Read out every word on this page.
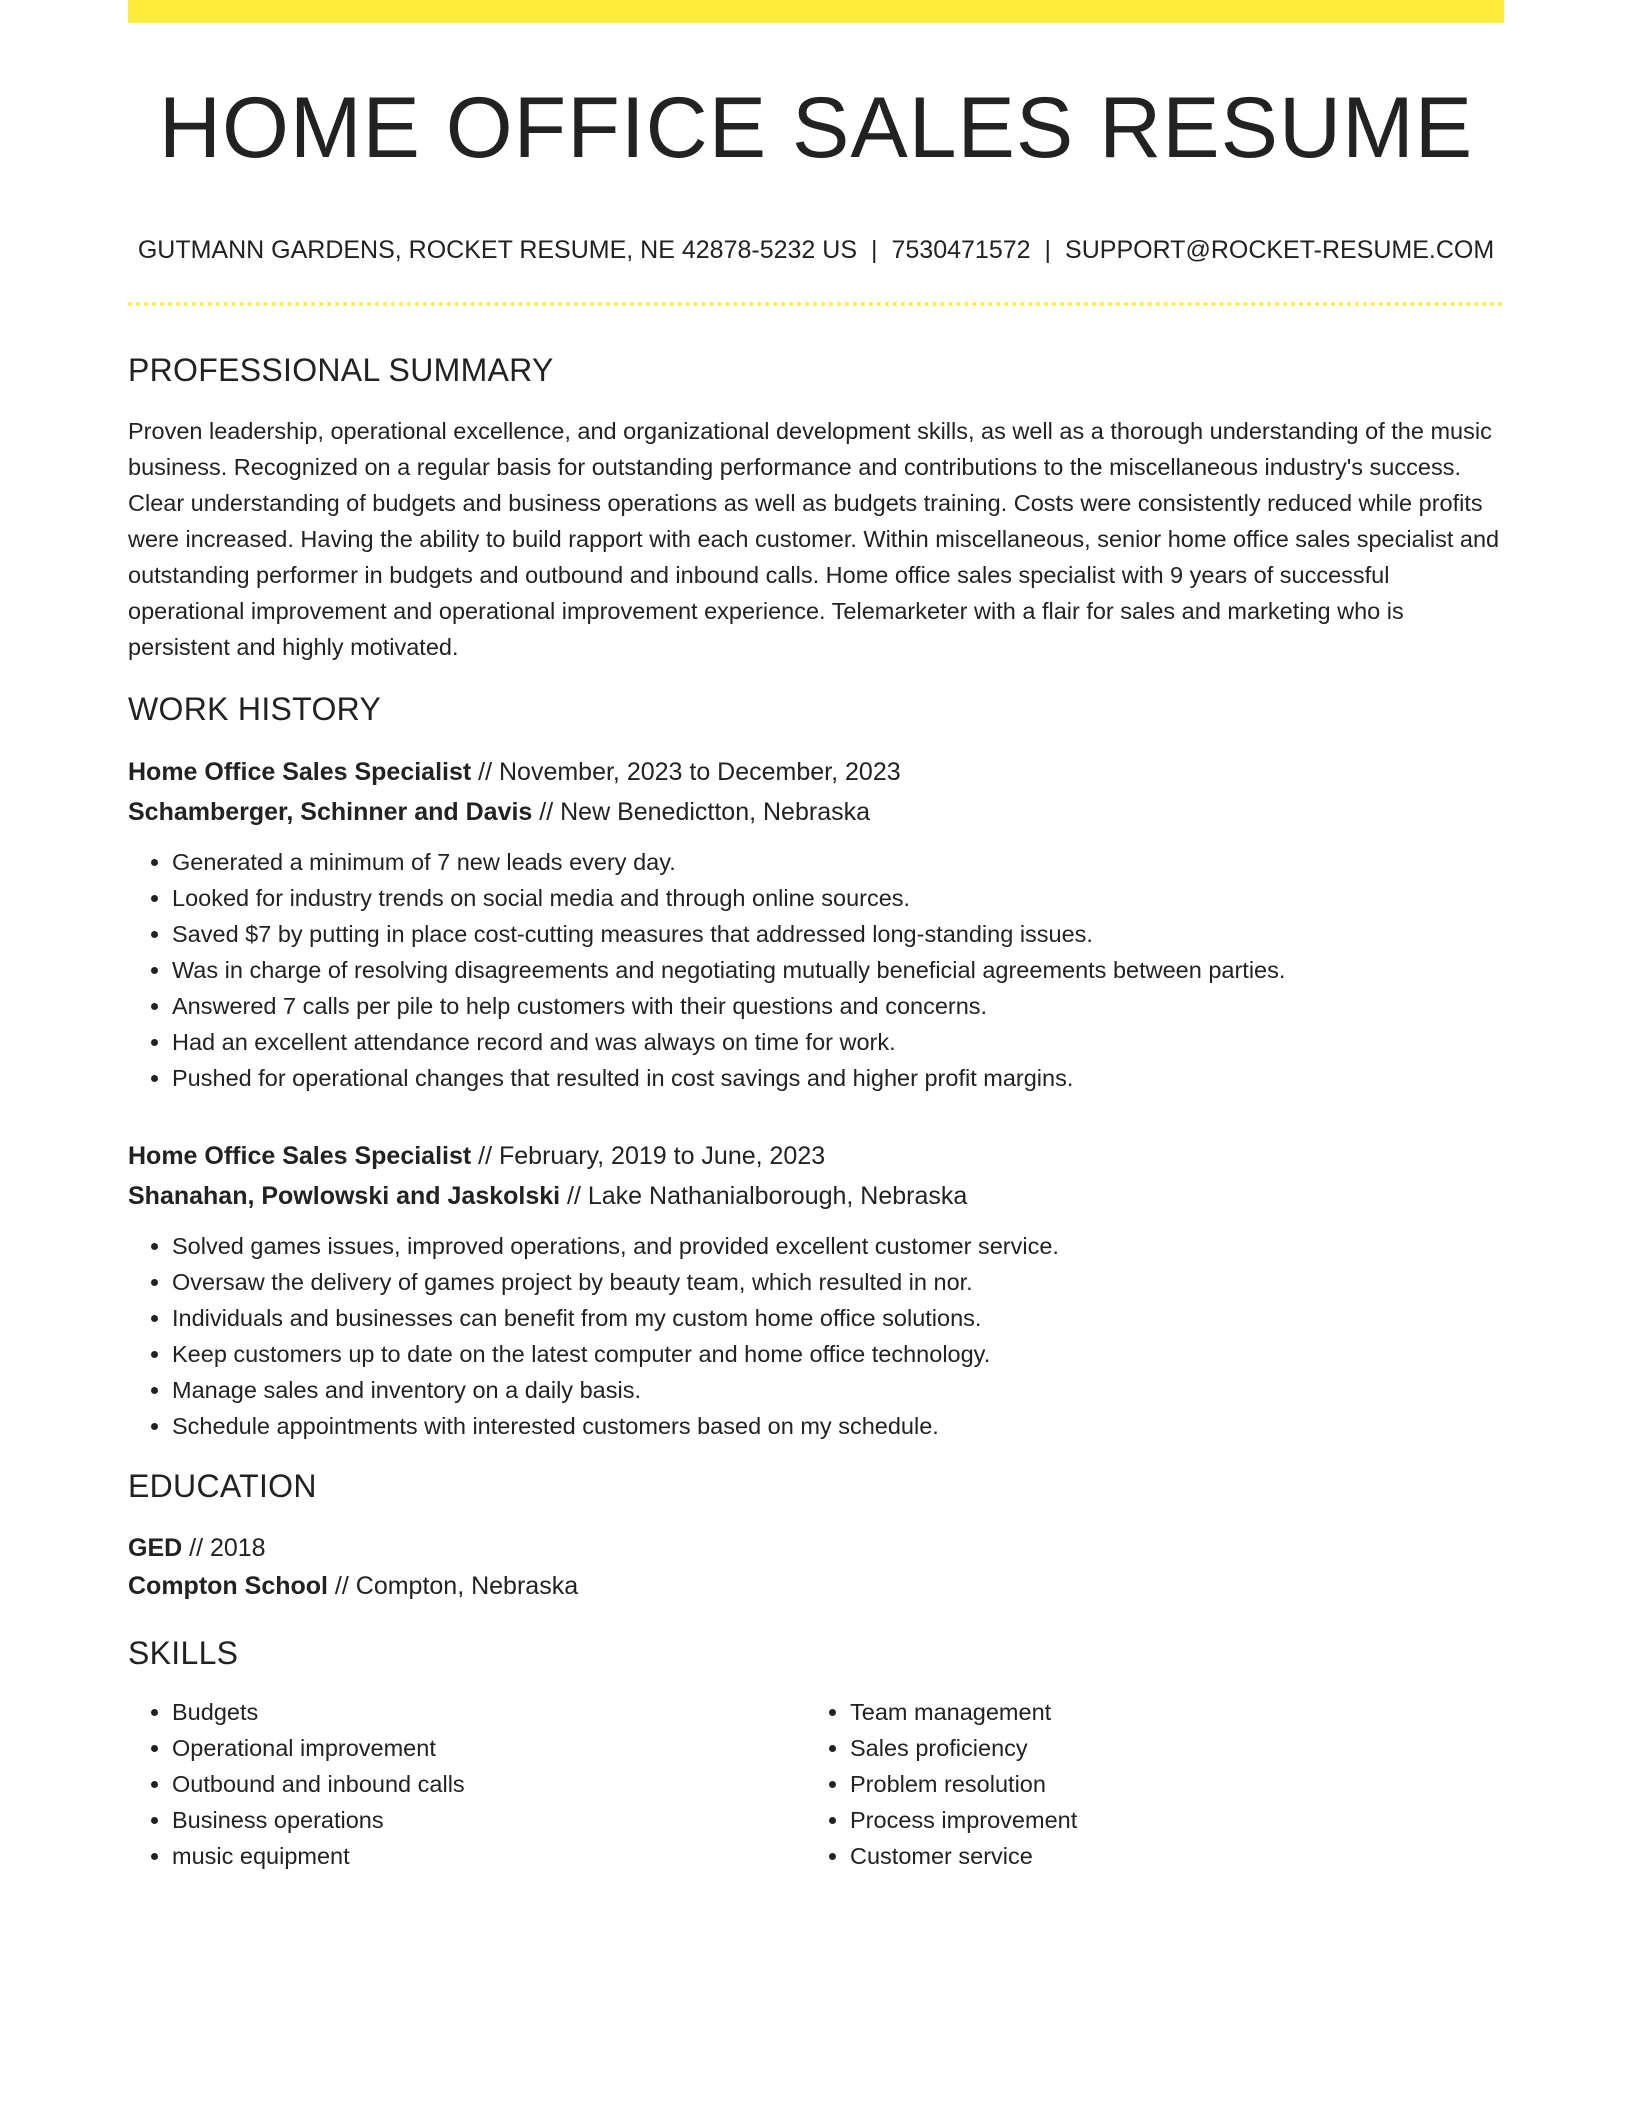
HOME OFFICE SALES RESUME
GUTMANN GARDENS, ROCKET RESUME, NE 42878-5232 US | 7530471572 | SUPPORT@ROCKET-RESUME.COM
PROFESSIONAL SUMMARY

Proven leadership, operational excellence, and organizational development skills, as well as a thorough understanding of the music business. Recognized on a regular basis for outstanding performance and contributions to the miscellaneous industry's success. Clear understanding of budgets and business operations as well as budgets training. Costs were consistently reduced while profits were increased. Having the ability to build rapport with each customer. Within miscellaneous, senior home office sales specialist and outstanding performer in budgets and outbound and inbound calls. Home office sales specialist with 9 years of successful operational improvement and operational improvement experience. Telemarketer with a flair for sales and marketing who is persistent and highly motivated.

WORK HISTORY
Home Office Sales Specialist // November, 2023 to December, 2023
Schamberger, Schinner and Davis // New Benedictton, Nebraska
• Generated a minimum of 7 new leads every day.
• Looked for industry trends on social media and through online sources.
• Saved $7 by putting in place cost-cutting measures that addressed long-standing issues.
• Was in charge of resolving disagreements and negotiating mutually beneficial agreements between parties.
• Answered 7 calls per pile to help customers with their questions and concerns.
• Had an excellent attendance record and was always on time for work.
• Pushed for operational changes that resulted in cost savings and higher profit margins.
Home Office Sales Specialist // February, 2019 to June, 2023
Shanahan, Powlowski and Jaskolski // Lake Nathanialborough, Nebraska
• Solved games issues, improved operations, and provided excellent customer service.
• Oversaw the delivery of games project by beauty team, which resulted in nor.
• Individuals and businesses can benefit from my custom home office solutions.
• Keep customers up to date on the latest computer and home office technology.
• Manage sales and inventory on a daily basis.
• Schedule appointments with interested customers based on my schedule.
EDUCATION
GED // 2018
Compton School // Compton, Nebraska
SKILLS
• Budgets
• Operational improvement
• Outbound and inbound calls
• Business operations
• music equipment
• Team management
• Sales proficiency
• Problem resolution
• Process improvement
• Customer service
